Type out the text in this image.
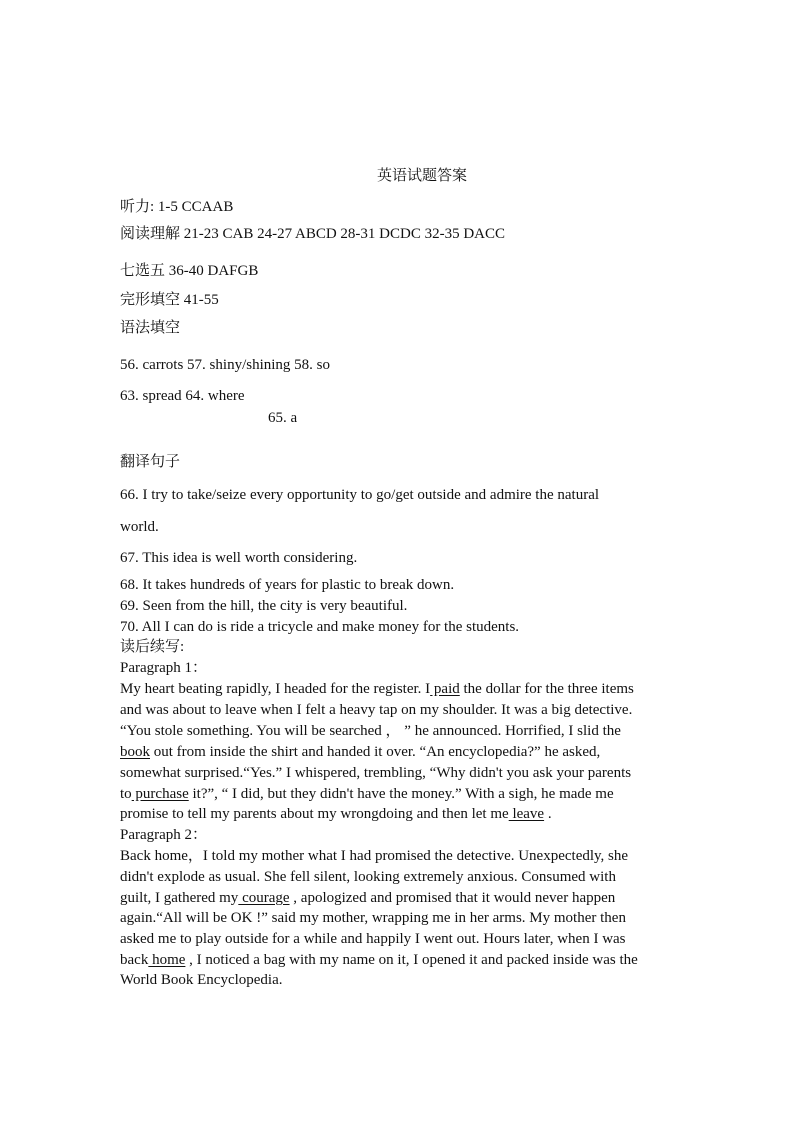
英语试题答案
听力: 1-5 CCAAB
阅读理解 21-23 CAB 24-27 ABCD 28-31 DCDC 32-35 DACC
七选五 36-40 DAFGB
完形填空 41-55
语法填空
56. carrots 57. shiny/shining 58. so
63. spread 64. where
65. a
翻译句子
66. I try to take/seize every opportunity to go/get outside and admire the natural
world.
67. This idea is well worth considering.
68. It takes hundreds of years for plastic to break down.
69. Seen from the hill, the city is very beautiful.
70. All I can do is ride a tricycle and make money for the students.
读后续写:
Paragraph 1：
My heart beating rapidly, I headed for the register. I paid the dollar for the three items
and was about to leave when I felt a heavy tap on my shoulder. It was a big detective.
“You stole something. You will be searched ， ” he announced. Horrified, I slid the
book out from inside the shirt and handed it over. “An encyclopedia?” he asked,
somewhat surprised.“Yes.” I whispered, trembling, “Why didn't you ask your parents
to purchase it?”, “ I did, but they didn't have the money.” With a sigh, he made me
promise to tell my parents about my wrongdoing and then let me leave .
Paragraph 2：
Back home，I told my mother what I had promised the detective. Unexpectedly, she
didn't explode as usual. She fell silent, looking extremely anxious. Consumed with
guilt, I gathered my courage , apologized and promised that it would never happen
again.“All will be OK !” said my mother, wrapping me in her arms. My mother then
asked me to play outside for a while and happily I went out. Hours later, when I was
back home , I noticed a bag with my name on it, I opened it and packed inside was the
World Book Encyclopedia.
